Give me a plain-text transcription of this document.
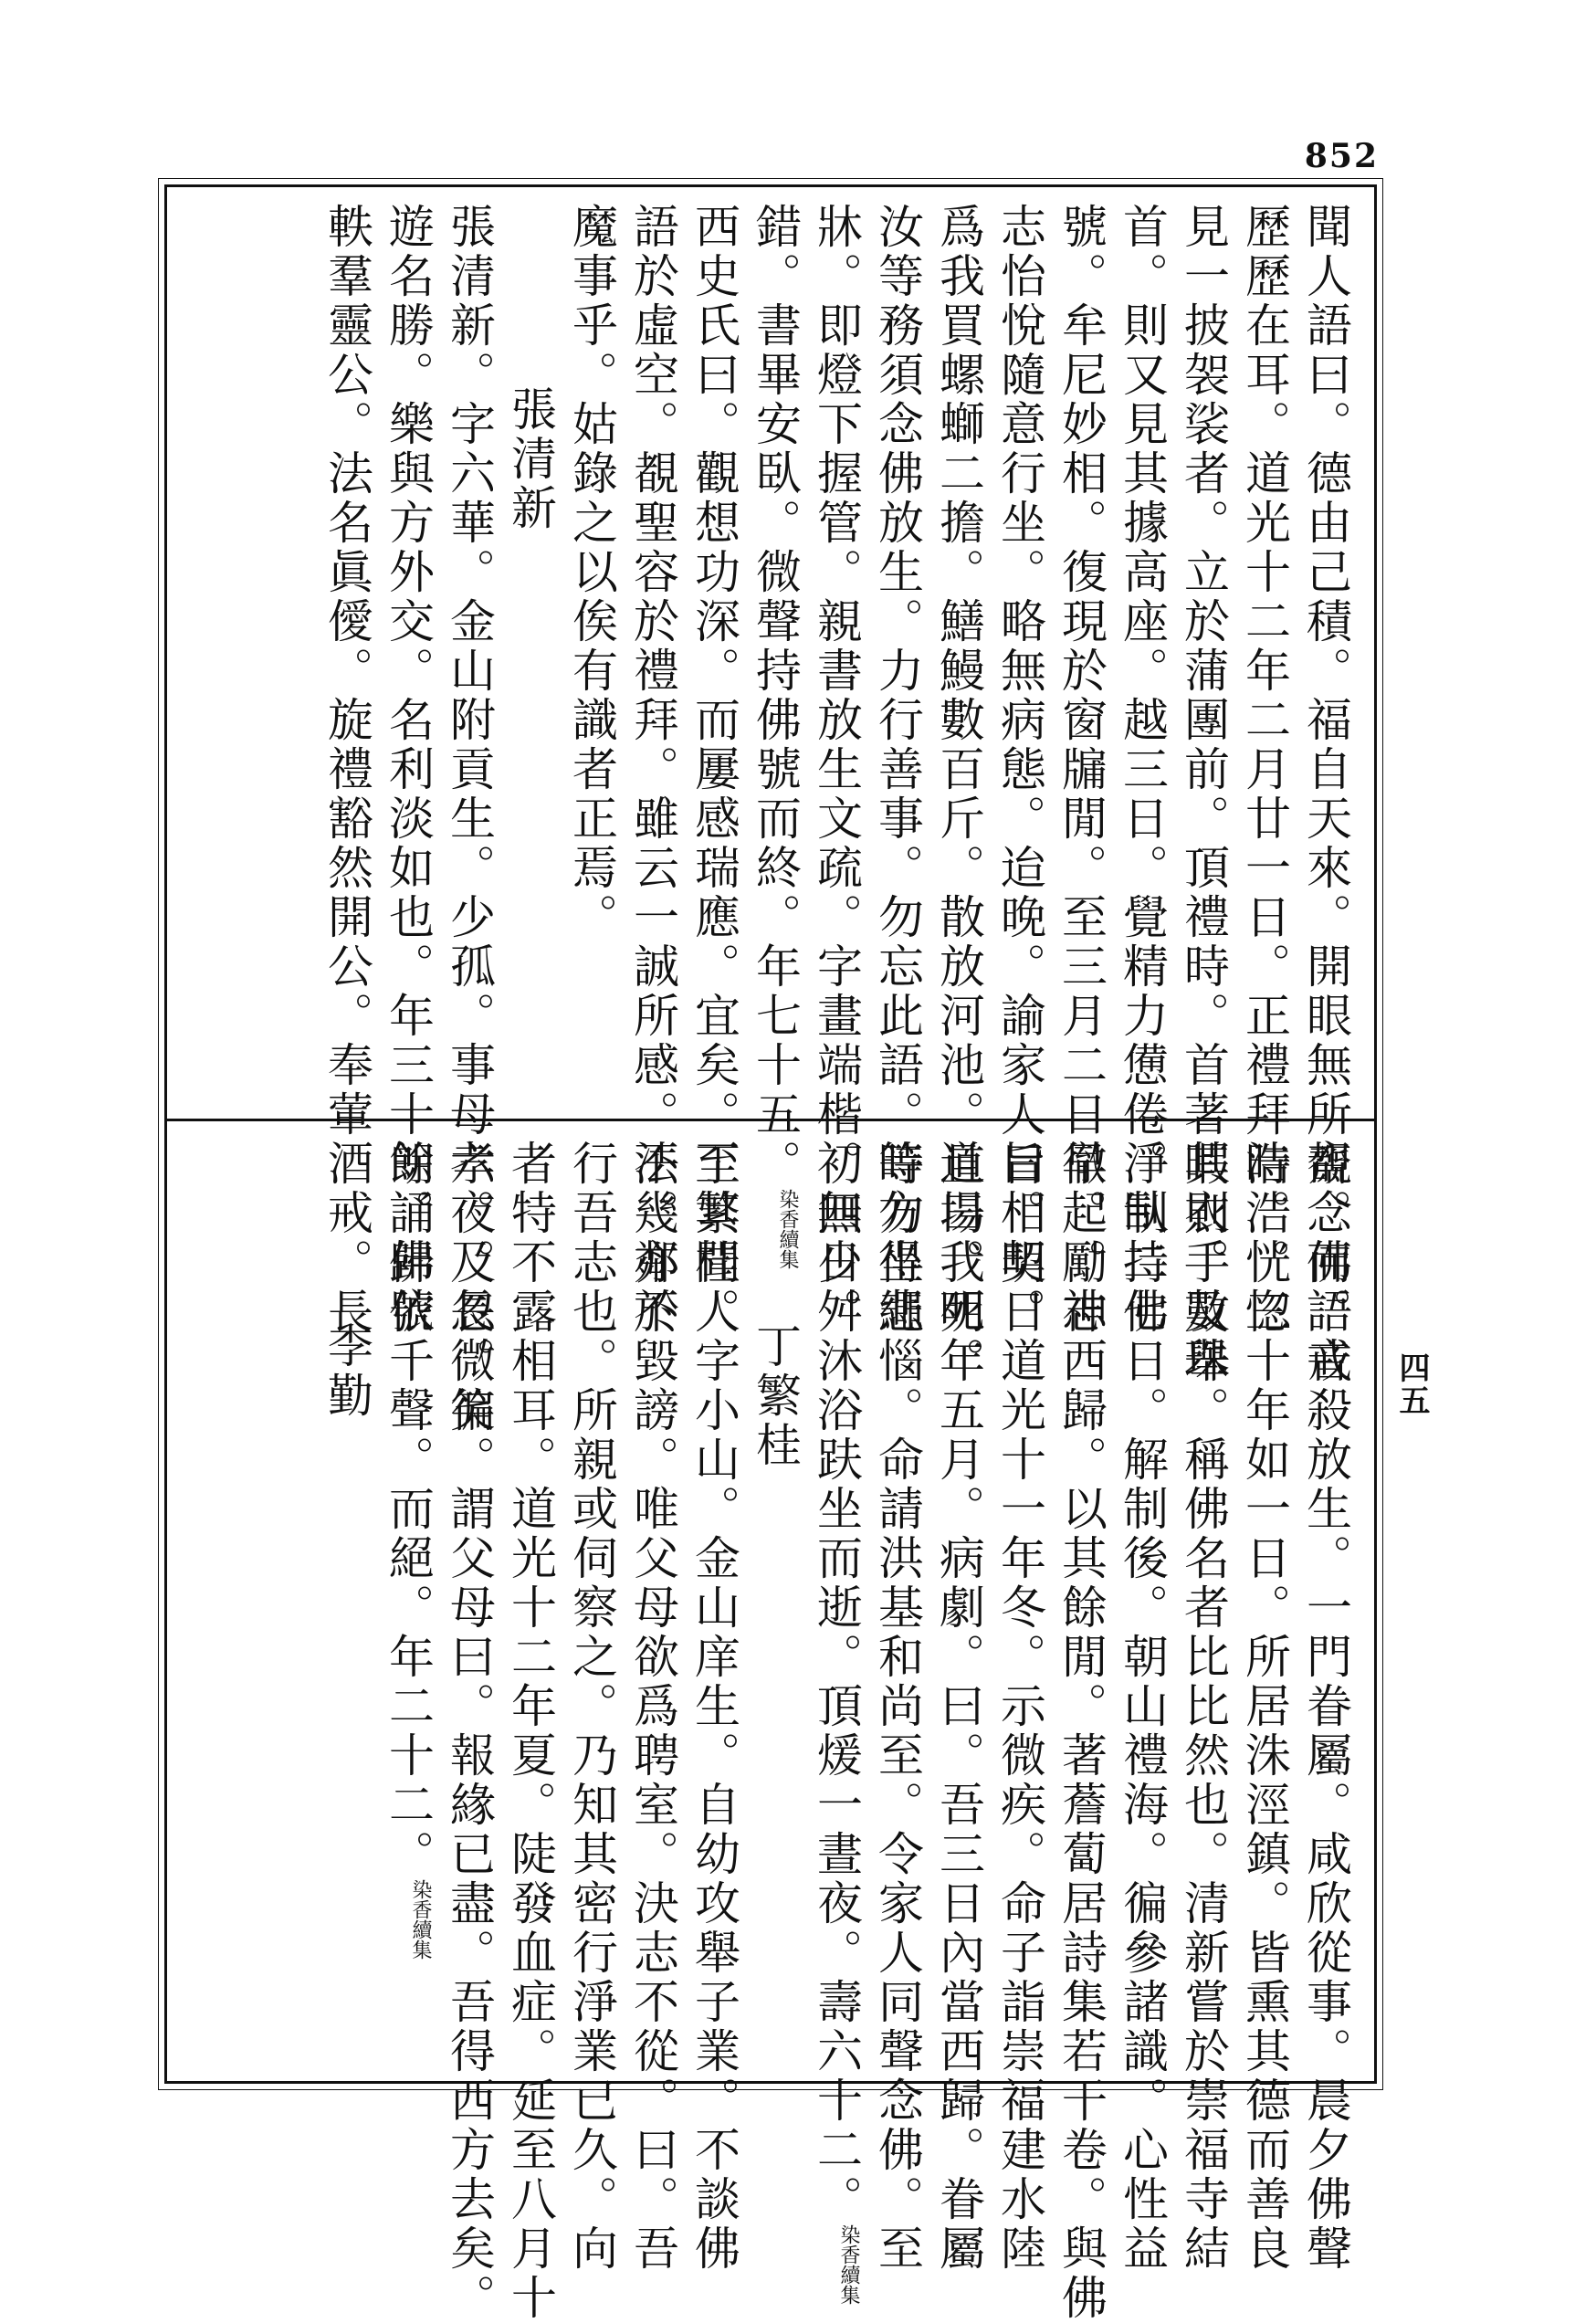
852
聞人語曰。德由己積。福自天來。開眼無所覩。而語音
歷歷在耳。道光十二年二月廿一日。正禮拜時。恍惚
見一披袈裟者。立於蒲團前。頂禮時。首著其衣。及舉
首。則又見其據高座。越三日。覺精力憊倦。臥持佛
號。牟尼妙相。復現於窗牖閒。至三月二日早起。神
志怡悅隨意行坐。略無病態。迨晚。諭家人曰。明日
爲我買螺螄二擔。鱔鰻數百斤。散放河池。且曰我死。
汝等務須念佛放生。力行善事。勿忘此語。時方坐繩
牀。即燈下握管。親書放生文疏。字畫端楷。無少舛
錯。書畢安臥。微聲持佛號而終。年七十五。染香續集
西史氏曰。觀想功深。而屢感瑞應。宜矣。至其聞人
語於虛空。覩聖容於禮拜。雖云一誠所感。不幾鄰於
魔事乎。姑錄之以俟有識者正焉。
張清新
張清新。字六華。金山附貢生。少孤。事母孝。及長。徧
遊名勝。樂與方外交。名利淡如也。年三十餘。歸依
軼羣靈公。法名眞僾。旋禮豁然開公。奉葷酒戒。長
齋念佛。戒殺放生。一門眷屬。咸欣從事。晨夕佛聲
浩浩。三十年如一日。所居洙涇鎮。皆熏其德而善良
暇則手數珠。稱佛名者比比然也。清新嘗於崇福寺結
淨制二七日。解制後。朝山禮海。徧參諸識。心性益
徹。勵志西歸。以其餘閒。著薝蔔居詩集若干卷。與佛
旨相契。道光十一年冬。示微疾。命子詣崇福建水陸
道場。明年五月。病劇。曰。吾三日內當西歸。眷屬
等勿得悲惱。命請洪基和尚至。令家人同聲念佛。至
初四日。沐浴趺坐而逝。頂煖一晝夜。壽六十二。染香續集
丁繁桂
丁繁桂。字小山。金山庠生。自幼攻舉子業。不談佛
法。亦不毀謗。唯父母欲爲聘室。決志不從。曰。吾
行吾志也。所親或伺察之。乃知其密行淨業已久。向
者特不露相耳。道光十二年夏。陡發血症。延至八月十
六夜。忽微笑。謂父母曰。報緣已盡。吾得西方去矣。
朗誦佛號千聲。而絕。年二十二。染香續集
李勤	四五
